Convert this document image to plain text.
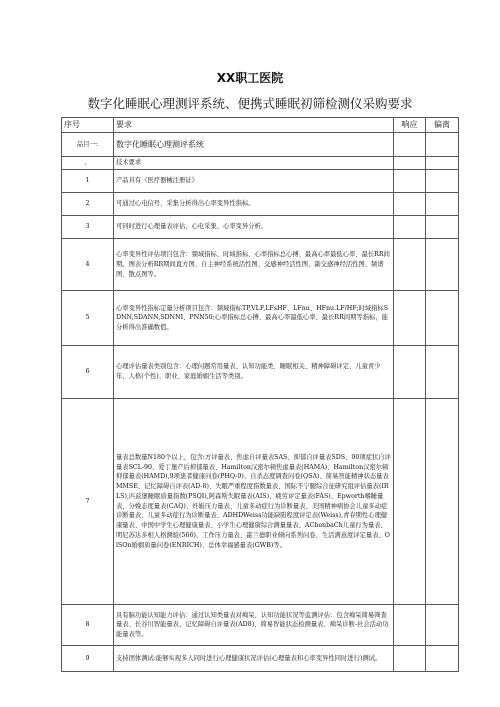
XX职工医院
数字化睡眠心理测评系统、便携式睡眠初筛检测仪采购要求
序号	要求	响应	偏离
品目一:	数字化睡眠心理测评系统		
、	技术要求		
1	产品具有《医疗器械注册证》		
2	可通过心电信号，采集分析得出心率变异性指标。		
3	可同时进行心理量表评估、心电采集、心率变异分析。		
4	心率变异性评估项目包含：频域指标、时域指标、心率指标总心搏、最高心率最低心率、最长RR间期。图表分析RR期间直方图、自主神经系统活性图、交感神经活性图、副交感神经活性图、频谱图、散点图等。		
5	心率变异性指标定量分析项目包含：频域指标TP,VLF,LFsHF、LFnu、HFnu.LF/HF;时域指标SDNN,SDANN,SDNNI、PNN50;心率指标总心搏、最高心率最低心率、最长RR间期等指标，能分析得出准确数值。		
6	心理评估量表类别包含：心理问题常用量表、认知功能类、睡眠相关、精神障碍评定、儿童青少年、人格(个性)、职业、家庭婚姻生活等类别。		
7	量表总数量N180个以上，包含:方评量表、焦虑自评量表SAS、抑郁自评量表SDS、90项症状自评量表SCL-90、爱丁堡产后抑郁量表、Hamilton汉密尔顿焦虑量表(HAMA)、Hamilton汉密尔顿抑郁量表(HAMD),9项患者健康问卷(PHQ-9)、自杀态度调查问卷(QSA)、简易智能精神状态量表MMSE、记忆障碍自评表(AD-8)、失眠严重程度指数量表、国际不宁腿综合征研究组评估量表(IRLS),匹兹堡睡眠质量指数(PSQI),阿森斯失眠量表(AIS)、疲劳评定量表(FAS)、Epworth嗜睡量表、分娩态度量表(CAQ)、妊娠压力量表、儿童多动症行为诊断量表、美国精神病协会儿童多动症诊断量表、儿童多动症行为诊断量表、ADHDWeiss功能缺陷程度评定表(Weiss),青春期性心理健康量表、中国中学生心理健康量表、小学生心理健康综合测量量表、AChenbaCh儿童行为量表、明尼苏达多相人格测验(566)、工作压力量表、霍兰德职业倾向系列问卷、生活满意度评定量表、OlSOn婚姻质量问卷(ENRICH)、总体幸福感量表(GWB)等。		
8	具有脑功能认知能力评估：通过认知类量表对痴呆、认知功能状况等监测评估：包含痴呆简易筛查量表、长谷川智能量表、记忆障碍自评量表(AD8)、简易智能状态检测量表、痴呆诊断-社会活动功能量表等。		
9	支持团体测试:能够实现多人同时进行心理健康状况评估(心理量表和心率变异性同时进行)测试。		
